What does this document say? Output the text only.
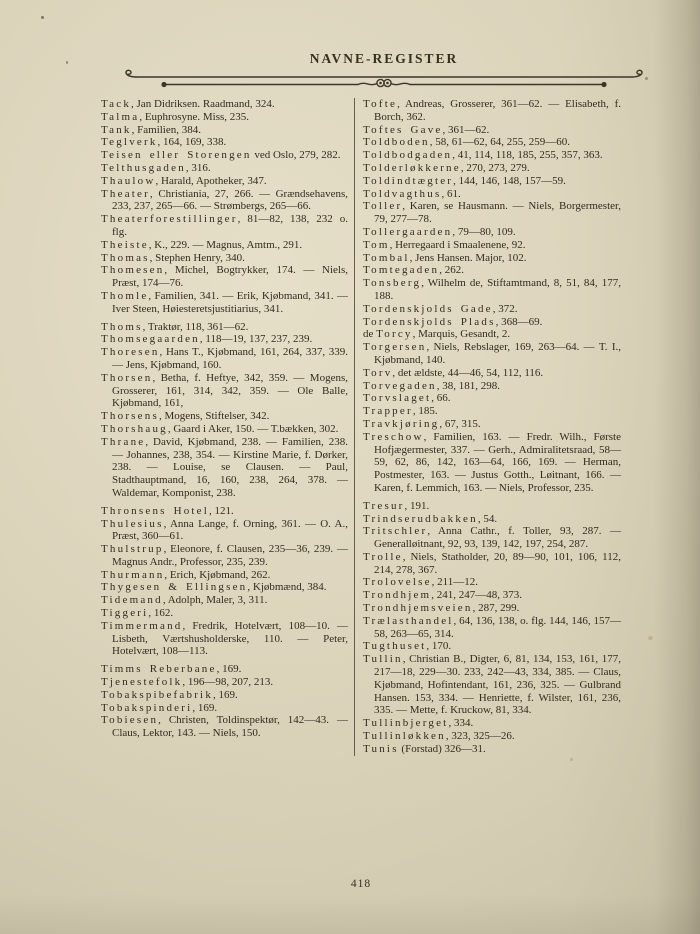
NAVNE-REGISTER

Tack, Jan Didriksen. Raadmand, 324.

Talma, Euphrosyne. Miss, 235.

Tank, Familien, 384.

Teglverk, 164, 169, 338.

Teisen eller Storengen ved Oslo, 279, 282.

Telthusgaden, 316.

Thaulow, Harald, Apotheker, 347.

Theater, Christiania, 27, 266. — Grændsehavens, 233, 237, 265—66. — Strømbergs, 265—66.

Theaterforestillinger, 81—82, 138, 232 o. flg.

Theiste, K., 229. — Magnus, Amtm., 291.

Thomas, Stephen Henry, 340.

Thomesen, Michel, Bogtrykker, 174. — Niels, Præst, 174—76.

Thomle, Familien, 341. — Erik, Kjøbmand, 341. — Iver Steen, Høiesteretsjustitiarius, 341.

Thoms, Traktør, 118, 361—62.

Thomsegaarden, 118—19, 137, 237, 239.

Thoresen, Hans T., Kjøbmand, 161, 264, 337, 339. — Jens, Kjøbmand, 160.

Thorsen, Betha, f. Heftye, 342, 359. — Mogens, Grosserer, 161, 314, 342, 359. — Ole Balle, Kjøbmand, 161,

Thorsens, Mogens, Stiftelser, 342.

Thorshaug, Gaard i Aker, 150. — T.bækken, 302.

Thrane, David, Kjøbmand, 238. — Familien, 238. — Johannes, 238, 354. — Kirstine Marie, f. Dørker, 238. — Louise, se Clausen. — Paul, Stadthauptmand, 16, 160, 238, 264, 378. — Waldemar, Komponist, 238.

Thronsens Hotel, 121.

Thulesius, Anna Lange, f. Orning, 361. — O. A., Præst, 360—61.

Thulstrup, Eleonore, f. Clausen, 235—36, 239. — Magnus Andr., Professor, 235, 239.

Thurmann, Erich, Kjøbmand, 262.

Thygesen & Ellingsen, Kjøbmænd, 384.

Tidemand, Adolph, Maler, 3, 311.

Tiggeri, 162.

Timmermand, Fredrik, Hotelvært, 108—10. — Lisbeth, Værtshusholderske, 110. — Peter, Hotelvært, 108—113.

Timms Reberbane, 169.

Tjenestefolk, 196—98, 207, 213.

Tobakspibefabrik, 169.

Tobakspinderi, 169.

Tobiesen, Christen, Toldinspektør, 142—43. — Claus, Lektor, 143. — Niels, 150.

Tofte, Andreas, Grosserer, 361—62. — Elisabeth, f. Borch, 362.

Toftes Gave, 361—62.

Toldboden, 58, 61—62, 64, 255, 259—60.

Toldbodgaden, 41, 114, 118, 185, 255, 357, 363.

Tolderløkkerne, 270, 273, 279.

Toldindtægter, 144, 146, 148, 157—59.

Toldvagthus, 61.

Toller, Karen, se Hausmann. — Niels, Borgermester, 79, 277—78.

Tollergaarden, 79—80, 109.

Tom, Herregaard i Smaalenene, 92.

Tombal, Jens Hansen. Major, 102.

Tomtegaden, 262.

Tonsberg, Wilhelm de, Stiftamtmand, 8, 51, 84, 177, 188.

Tordenskjolds Gade, 372.

Tordenskjolds Plads, 368—69.

de Torcy, Marquis, Gesandt, 2.

Torgersen, Niels, Rebslager, 169, 263—64. — T. I., Kjøbmand, 140.

Torv, det ældste, 44—46, 54, 112, 116.

Torvegaden, 38, 181, 298.

Torvslaget, 66.

Trapper, 185.

Travkjøring, 67, 315.

Treschow, Familien, 163. — Fredr. Wilh., Første Hofjægermester, 337. — Gerh., Admiralitetsraad, 58—59, 62, 86, 142, 163—64, 166, 169. — Herman, Postmester, 163. — Justus Gotth., Løitnant, 166. — Karen, f. Lemmich, 163. — Niels, Professor, 235.

Tresur, 191.

Trindserudbakken, 54.

Tritschler, Anna Cathr., f. Toller, 93, 287. — Generalløitnant, 92, 93, 139, 142, 197, 254, 287.

Trolle, Niels, Statholder, 20, 89—90, 101, 106, 112, 214, 278, 367.

Trolovelse, 211—12.

Trondhjem, 241, 247—48, 373.

Trondhjemsveien, 287, 299.

Trælasthandel, 64, 136, 138, o. flg. 144, 146, 157—58, 263—65, 314.

Tugthuset, 170.

Tullin, Christian B., Digter, 6, 81, 134, 153, 161, 177, 217—18, 229—30. 233, 242—43, 334, 385. — Claus, Kjøbmand, Hofintendant, 161, 236, 325. — Gulbrand Hansen. 153, 334. — Henriette, f. Wilster, 161, 236, 335. — Mette, f. Kruckow, 81, 334.

Tullinbjerget, 334.

Tullinløkken, 323, 325—26.

Tunis (Forstad) 326—31.

418
